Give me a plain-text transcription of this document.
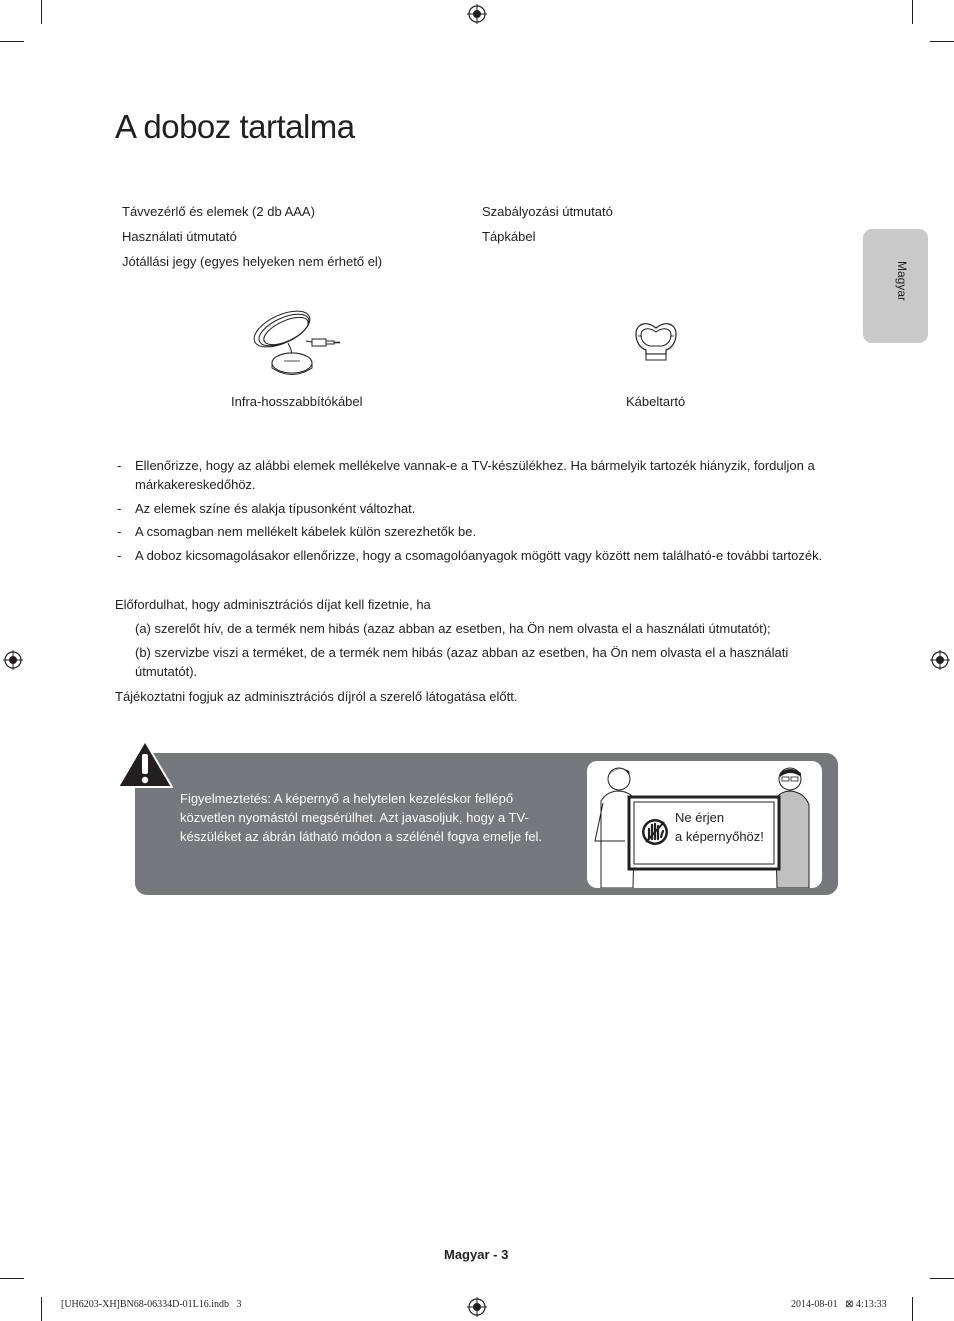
Magyar
A doboz tartalma
Távvezérlő és elemek (2 db AAA)
Használati útmutató
Jótállási jegy (egyes helyeken nem érhető el)
Szabályozási útmutató
Tápkábel
Infra-hosszabbítókábel	Kábeltartó
- Ellenőrizze, hogy az alábbi elemek mellékelve vannak-e a TV-készülékhez. Ha bármelyik tartozék hiányzik, forduljon a márkakereskedőhöz.
- Az elemek színe és alakja típusonként változhat.
- A csomagban nem mellékelt kábelek külön szerezhetők be.
- A doboz kicsomagolásakor ellenőrizze, hogy a csomagolóanyagok mögött vagy között nem található-e további tartozék.
Előfordulhat, hogy adminisztrációs díjat kell fizetnie, ha
(a) szerelőt hív, de a termék nem hibás (azaz abban az esetben, ha Ön nem olvasta el a használati útmutatót);
(b) szervizbe viszi a terméket, de a termék nem hibás (azaz abban az esetben, ha Ön nem olvasta el a használati útmutatót).
Tájékoztatni fogjuk az adminisztrációs díjról a szerelő látogatása előtt.
Figyelmeztetés: A képernyő a helytelen kezeléskor fellépő közvetlen nyomástól megsérülhet. Azt javasoljuk, hogy a TV-készüléket az ábrán látható módon a szélénél fogva emelje fel.
Ne érjen
a képernyőhöz!
Magyar - 3
[UH6203-XH]BN68-06334D-01L16.indb   3	2014-08-01   ⊠ 4:13:33
